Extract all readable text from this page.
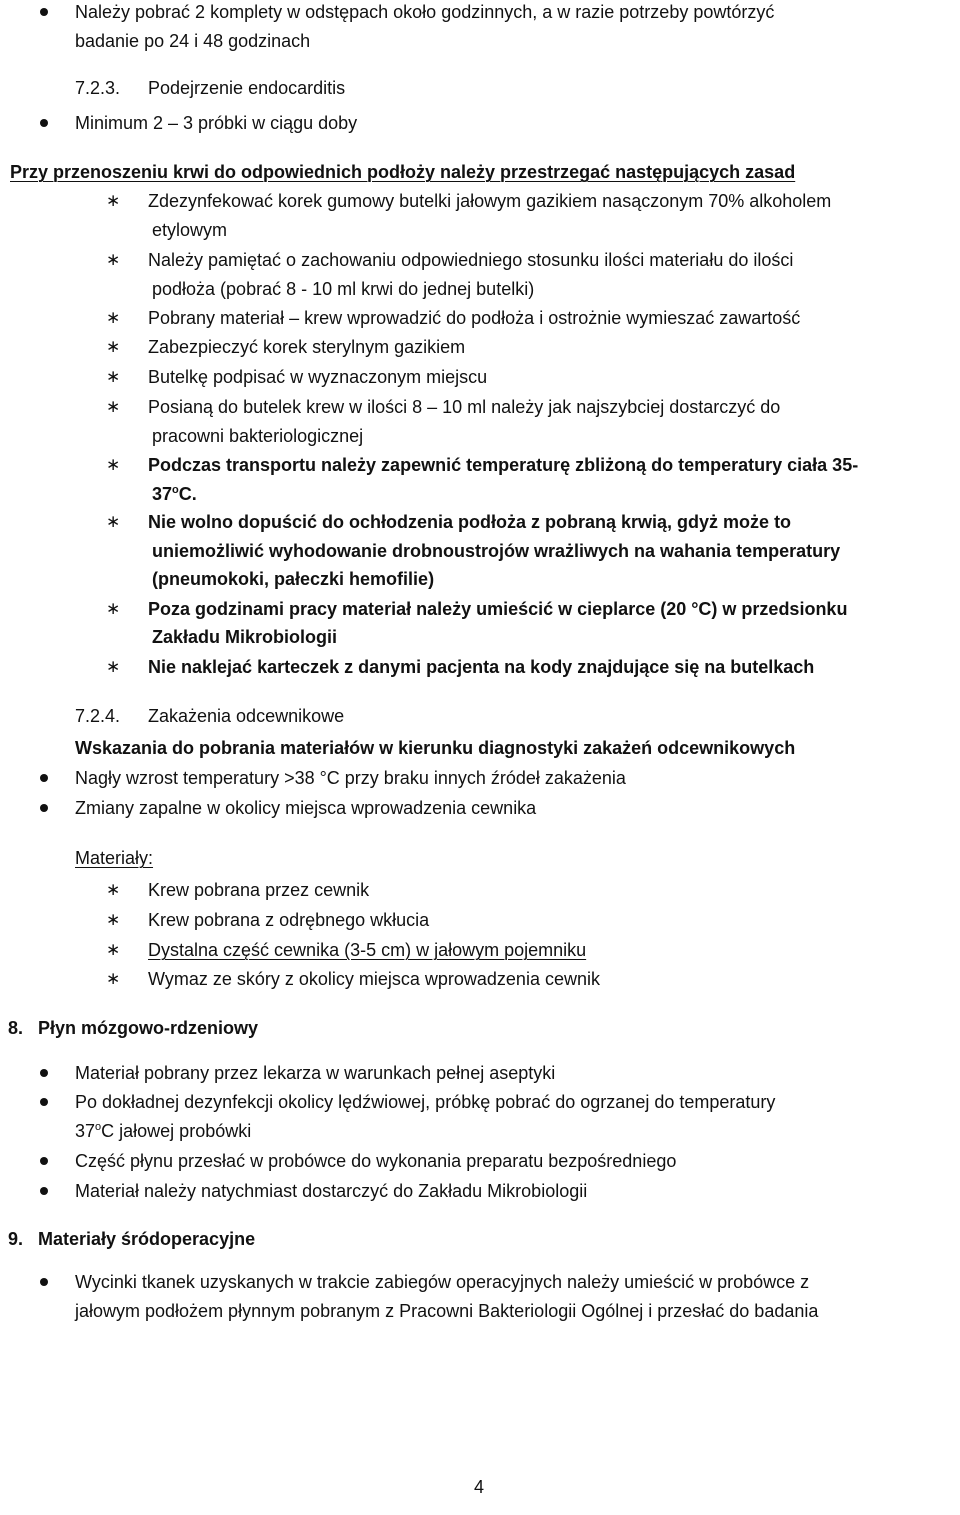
Należy pobrać 2 komplety w odstępach około godzinnych, a w razie potrzeby powtórzyć
badanie po 24 i 48 godzinach
7.2.3. Podejrzenie endocarditis
Minimum 2 – 3 próbki w ciągu doby
Przy przenoszeniu krwi do odpowiednich podłoży należy przestrzegać następujących zasad
∗ Zdezynfekować korek gumowy butelki jałowym gazikiem nasączonym 70% alkoholem
etylowym
∗ Należy pamiętać o zachowaniu odpowiedniego stosunku ilości materiału do ilości
podłoża (pobrać 8 - 10 ml krwi do jednej butelki)
∗ Pobrany materiał – krew wprowadzić do podłoża i ostrożnie wymieszać zawartość
∗ Zabezpieczyć korek sterylnym gazikiem
∗ Butelkę podpisać w wyznaczonym miejscu
∗ Posianą do butelek krew w ilości 8 – 10 ml należy jak najszybciej dostarczyć do
pracowni bakteriologicznej
∗ Podczas transportu należy zapewnić temperaturę zbliżoną do temperatury ciała 35-
37$^o$C.
∗ Nie wolno dopuścić do ochłodzenia podłoża z pobraną krwią, gdyż może to
uniemożliwić wyhodowanie drobnoustrojów wrażliwych na wahania temperatury
(pneumokoki, pałeczki hemofilie)
∗ Poza godzinami pracy materiał należy umieścić w cieplarce (20 °C) w przedsionku
Zakładu Mikrobiologii
∗ Nie naklejać karteczek z danymi pacjenta na kody znajdujące się na butelkach
7.2.4. Zakażenia odcewnikowe
Wskazania do pobrania materiałów w kierunku diagnostyki zakażeń odcewnikowych
Nagły wzrost temperatury >38 °C przy braku innych źródeł zakażenia
Zmiany zapalne w okolicy miejsca wprowadzenia cewnika
Materiały:
∗ Krew pobrana przez cewnik
∗ Krew pobrana z odrębnego wkłucia
∗ Dystalna część cewnika (3-5 cm) w jałowym pojemniku
∗ Wymaz ze skóry z okolicy miejsca wprowadzenia cewnik
8. Płyn mózgowo-rdzeniowy
Materiał pobrany przez lekarza w warunkach pełnej aseptyki
Po dokładnej dezynfekcji okolicy lędźwiowej, próbkę pobrać do ogrzanej do temperatury
37$^o$C jałowej probówki
Część płynu przesłać w probówce do wykonania preparatu bezpośredniego
Materiał należy natychmiast dostarczyć do Zakładu Mikrobiologii
9. Materiały śródoperacyjne
Wycinki tkanek uzyskanych w trakcie zabiegów operacyjnych należy umieścić w probówce z
jałowym podłożem płynnym pobranym z Pracowni Bakteriologii Ogólnej i przesłać do badania
4
